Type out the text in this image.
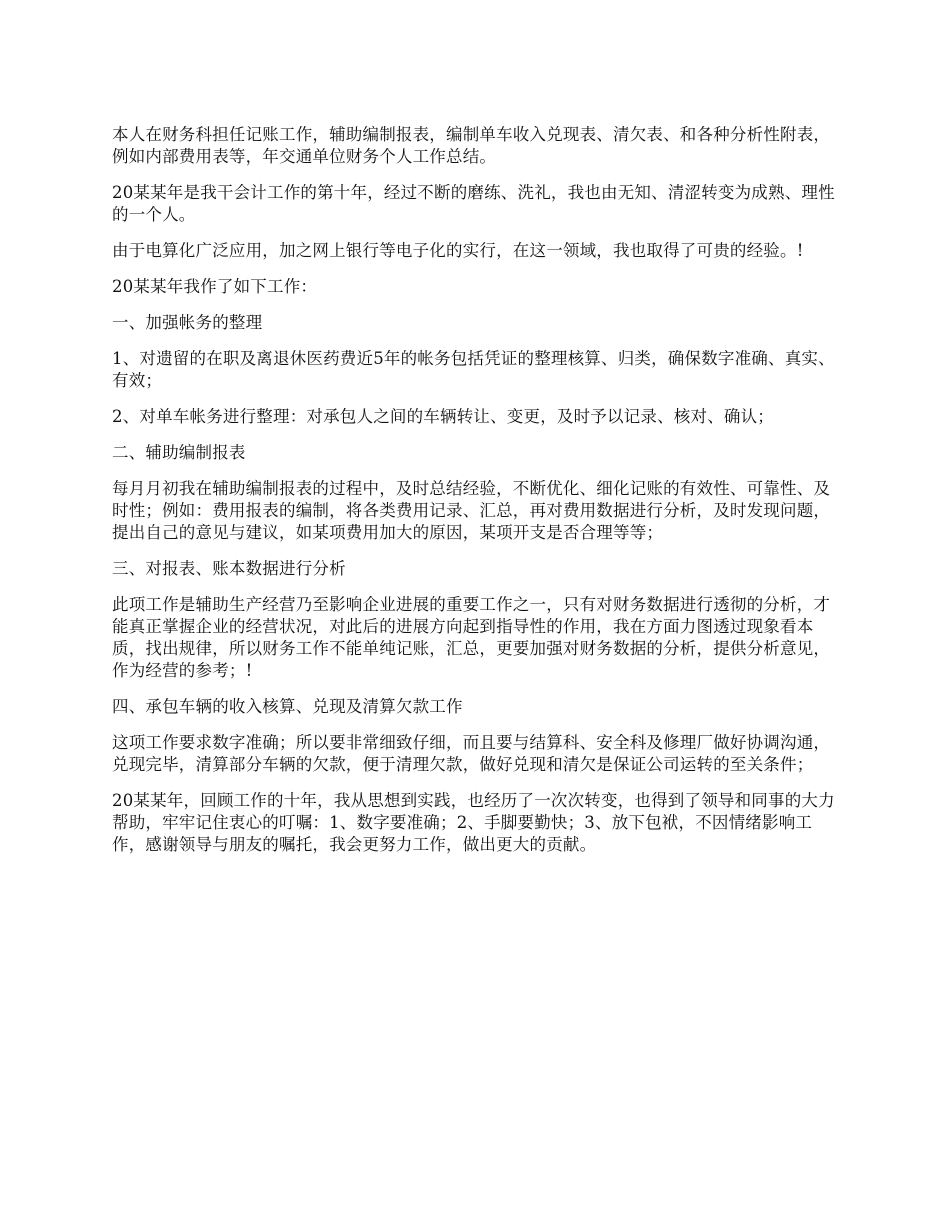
本人在财务科担任记账工作，辅助编制报表，编制单车收入兑现表、清欠表、和各种分析性附表，例如内部费用表等，年交通单位财务个人工作总结。

20某某年是我干会计工作的第十年，经过不断的磨练、洗礼，我也由无知、清涩转变为成熟、理性的一个人。

由于电算化广泛应用，加之网上银行等电子化的实行，在这一领域，我也取得了可贵的经验。!

20某某年我作了如下工作：

一、加强帐务的整理

1、对遗留的在职及离退休医药费近5年的帐务包括凭证的整理核算、归类，确保数字准确、真实、有效；

2、对单车帐务进行整理：对承包人之间的车辆转让、变更，及时予以记录、核对、确认；

二、辅助编制报表

每月月初我在辅助编制报表的过程中，及时总结经验，不断优化、细化记账的有效性、可靠性、及时性；例如：费用报表的编制，将各类费用记录、汇总，再对费用数据进行分析，及时发现问题，提出自己的意见与建议，如某项费用加大的原因，某项开支是否合理等等；

三、对报表、账本数据进行分析

此项工作是辅助生产经营乃至影响企业进展的重要工作之一，只有对财务数据进行透彻的分析，才能真正掌握企业的经营状况，对此后的进展方向起到指导性的作用，我在方面力图透过现象看本质，找出规律，所以财务工作不能单纯记账，汇总，更要加强对财务数据的分析，提供分析意见，作为经营的参考；!

四、承包车辆的收入核算、兑现及清算欠款工作

这项工作要求数字准确；所以要非常细致仔细，而且要与结算科、安全科及修理厂做好协调沟通，兑现完毕，清算部分车辆的欠款，便于清理欠款，做好兑现和清欠是保证公司运转的至关条件；

20某某年，回顾工作的十年，我从思想到实践，也经历了一次次转变，也得到了领导和同事的大力帮助，牢牢记住衷心的叮嘱：1、数字要准确；2、手脚要勤快；3、放下包袱，不因情绪影响工作，感谢领导与朋友的嘱托，我会更努力工作，做出更大的贡献。
